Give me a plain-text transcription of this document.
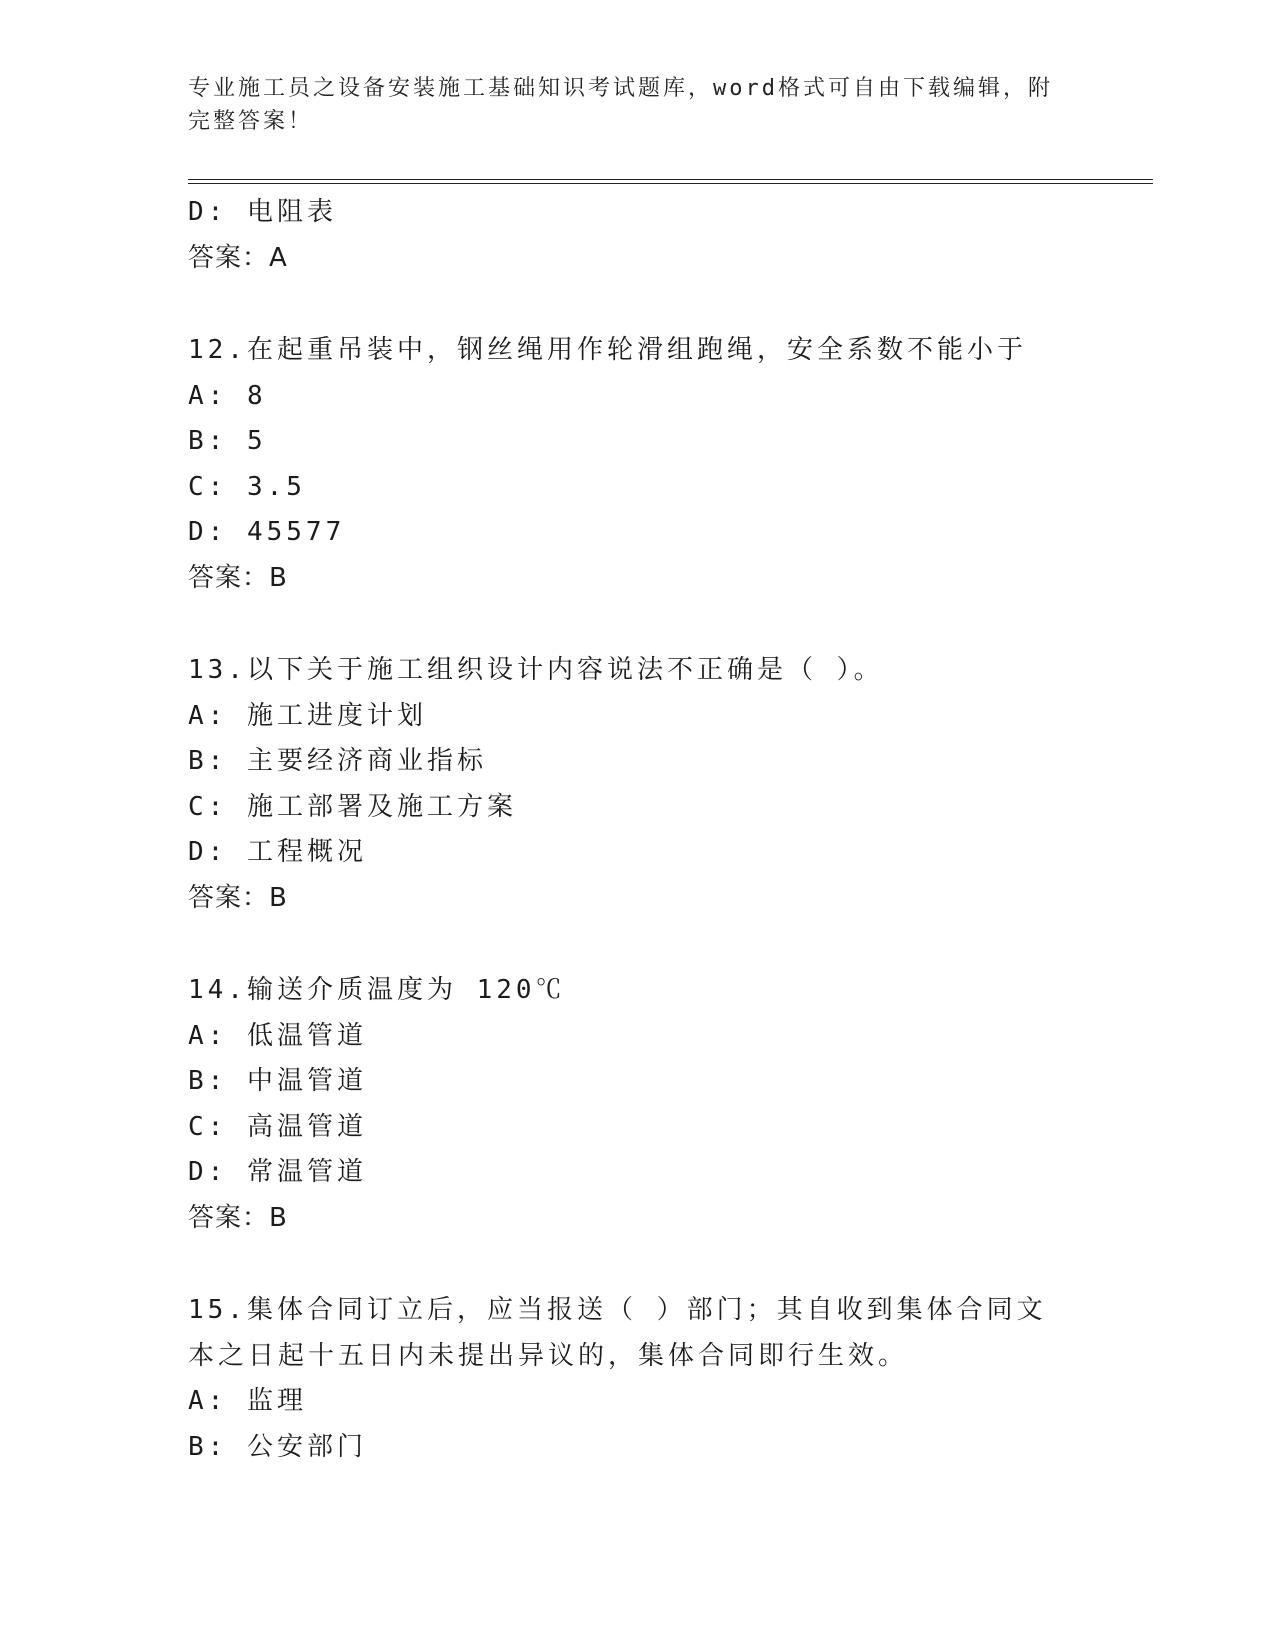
专业施工员之设备安装施工基础知识考试题库，word格式可自由下载编辑，附完整答案！
D: 电阻表
答案：A
12.在起重吊装中，钢丝绳用作轮滑组跑绳，安全系数不能小于
A: 8
B: 5
C: 3.5
D: 45577
答案：B
13.以下关于施工组织设计内容说法不正确是（ ）。
A: 施工进度计划
B: 主要经济商业指标
C: 施工部署及施工方案
D: 工程概况
答案：B
14.输送介质温度为 120℃
A: 低温管道
B: 中温管道
C: 高温管道
D: 常温管道
答案：B
15.集体合同订立后，应当报送（ ）部门；其自收到集体合同文本之日起十五日内未提出异议的，集体合同即行生效。
A: 监理
B: 公安部门
